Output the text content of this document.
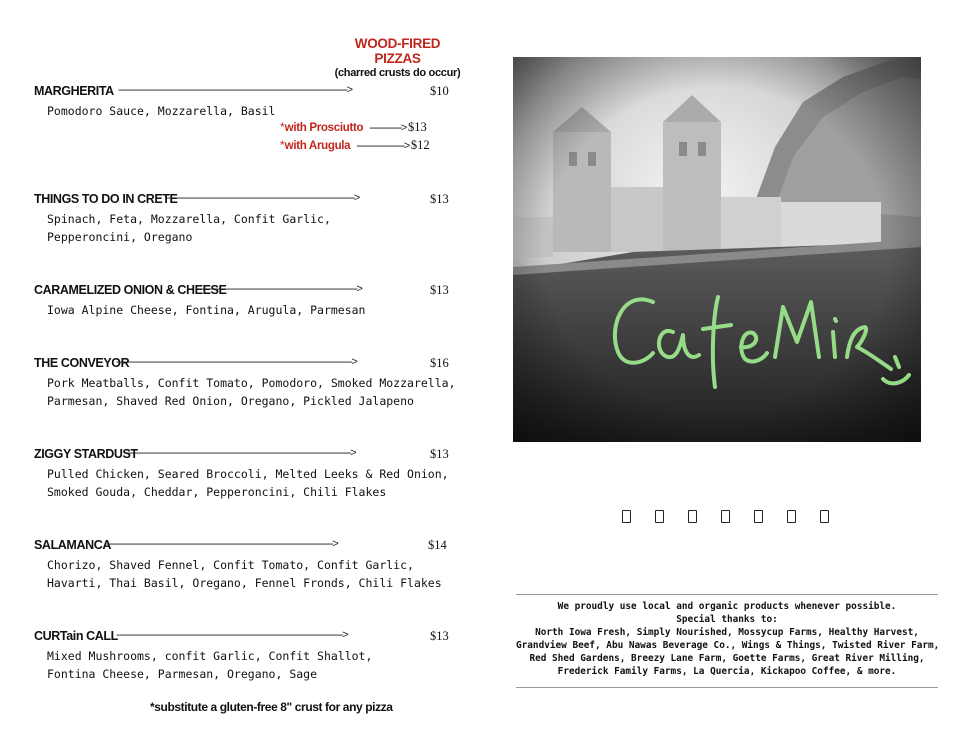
WOOD-FIRED PIZZAS
(charred crusts do occur)
MARGHERITA ----------------------------------------------------------------------------------------------------->	$10
Pomodoro Sauce, Mozzarella, Basil
*with Prosciutto --------------> $13
*with Arugula ---------------------> $12
THINGS TO DO IN CRETE
----------------------------------------------------------------------------------->	$13
Spinach, Feta, Mozzarella, Confit Garlic,
Pepperoncini, Oregano
CARAMELIZED ONION & CHEESE
---------------------------------------------------------------------->	$13
Iowa Alpine Cheese, Fontina, Arugula, Parmesan
THE CONVEYOR
-------------------------------------------------------------------------------------------------------->	$16
Pork Meatballs, Confit Tomato, Pomodoro, Smoked Mozzarella,
Parmesan, Shaved Red Onion, Oregano, Pickled Jalapeno
ZIGGY STARDUST
---------------------------------------------------------------------------------------------------->	$13
Pulled Chicken, Seared Broccoli, Melted Leeks & Red Onion,
Smoked Gouda, Cheddar, Pepperoncini, Chili Flakes
SALAMANCA
---------------------------------------------------------------------------------------------------->	$14
Chorizo, Shaved Fennel, Confit Tomato, Confit Garlic,
Havarti, Thai Basil, Oregano, Fennel Fronds, Chili Flakes
CURTain CALL
---------------------------------------------------------------------------------------------------->	$13
Mixed Mushrooms, confit Garlic, Confit Shallot,
Fontina Cheese, Parmesan, Oregano, Sage
*substitute a gluten-free 8" crust for any pizza
We proudly use local and organic products whenever possible.
Special thanks to:
North Iowa Fresh, Simply Nourished, Mossycup Farms, Healthy Harvest,
Grandview Beef, Abu Nawas Beverage Co., Wings & Things, Twisted River Farm,
Red Shed Gardens, Breezy Lane Farm, Goette Farms, Great River Milling,
Frederick Family Farms, La Quercia, Kickapoo Coffee, & more.
